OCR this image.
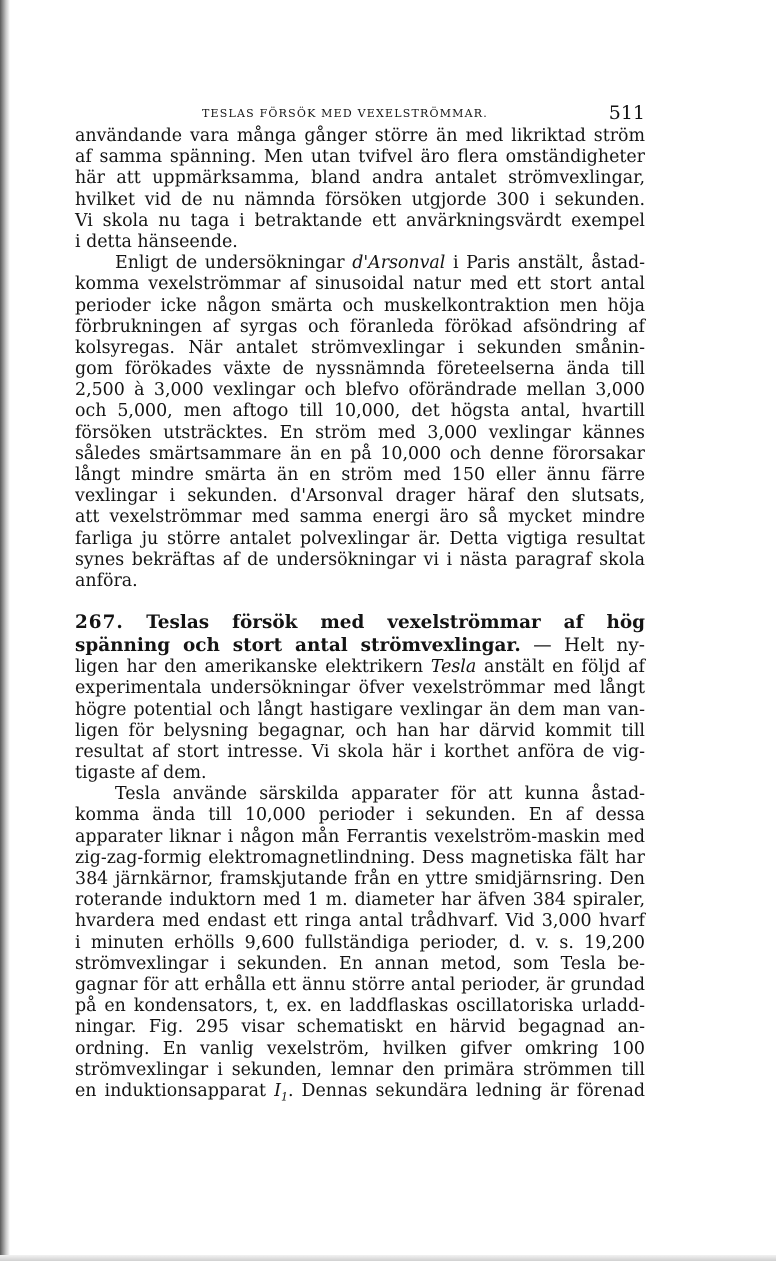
TESLAS FÖRSÖK MED VEXELSTRÖMMAR.	511
användande vara många gånger större än med likriktad ström
af samma spänning. Men utan tvifvel äro flera omständigheter
här att uppmärksamma, bland andra antalet strömvexlingar,
hvilket vid de nu nämnda försöken utgjorde 300 i sekunden.
Vi skola nu taga i betraktande ett anvärkningsvärdt exempel
i detta hänseende.
Enligt de undersökningar d'Arsonval i Paris anstält, åstad-
komma vexelströmmar af sinusoidal natur med ett stort antal
perioder icke någon smärta och muskelkontraktion men höja
förbrukningen af syrgas och föranleda förökad afsöndring af
kolsyregas. När antalet strömvexlingar i sekunden smånin-
gom förökades växte de nyssnämnda företeelserna ända till
2,500 à 3,000 vexlingar och blefvo oförändrade mellan 3,000
och 5,000, men aftogo till 10,000, det högsta antal, hvartill
försöken utsträcktes. En ström med 3,000 vexlingar kännes
således smärtsammare än en på 10,000 och denne förorsakar
långt mindre smärta än en ström med 150 eller ännu färre
vexlingar i sekunden. d'Arsonval drager häraf den slutsats,
att vexelströmmar med samma energi äro så mycket mindre
farliga ju större antalet polvexlingar är. Detta vigtiga resultat
synes bekräftas af de undersökningar vi i nästa paragraf skola
anföra.
267. Teslas försök med vexelströmmar af hög
spänning och stort antal strömvexlingar. — Helt ny-
ligen har den amerikanske elektrikern Tesla anstält en följd af
experimentala undersökningar öfver vexelströmmar med långt
högre potential och långt hastigare vexlingar än dem man van-
ligen för belysning begagnar, och han har därvid kommit till
resultat af stort intresse. Vi skola här i korthet anföra de vig-
tigaste af dem.
Tesla använde särskilda apparater för att kunna åstad-
komma ända till 10,000 perioder i sekunden. En af dessa
apparater liknar i någon mån Ferrantis vexelström-maskin med
zig-zag-formig elektromagnetlindning. Dess magnetiska fält har
384 järnkärnor, framskjutande från en yttre smidjärnsring. Den
roterande induktorn med 1 m. diameter har äfven 384 spiraler,
hvardera med endast ett ringa antal trådhvarf. Vid 3,000 hvarf
i minuten erhölls 9,600 fullständiga perioder, d. v. s. 19,200
strömvexlingar i sekunden. En annan metod, som Tesla be-
gagnar för att erhålla ett ännu större antal perioder, är grundad
på en kondensators, t, ex. en laddflaskas oscillatoriska urladd-
ningar. Fig. 295 visar schematiskt en härvid begagnad an-
ordning. En vanlig vexelström, hvilken gifver omkring 100
strömvexlingar i sekunden, lemnar den primära strömmen till
en induktionsapparat $I_1$. Dennas sekundära ledning är förenad
